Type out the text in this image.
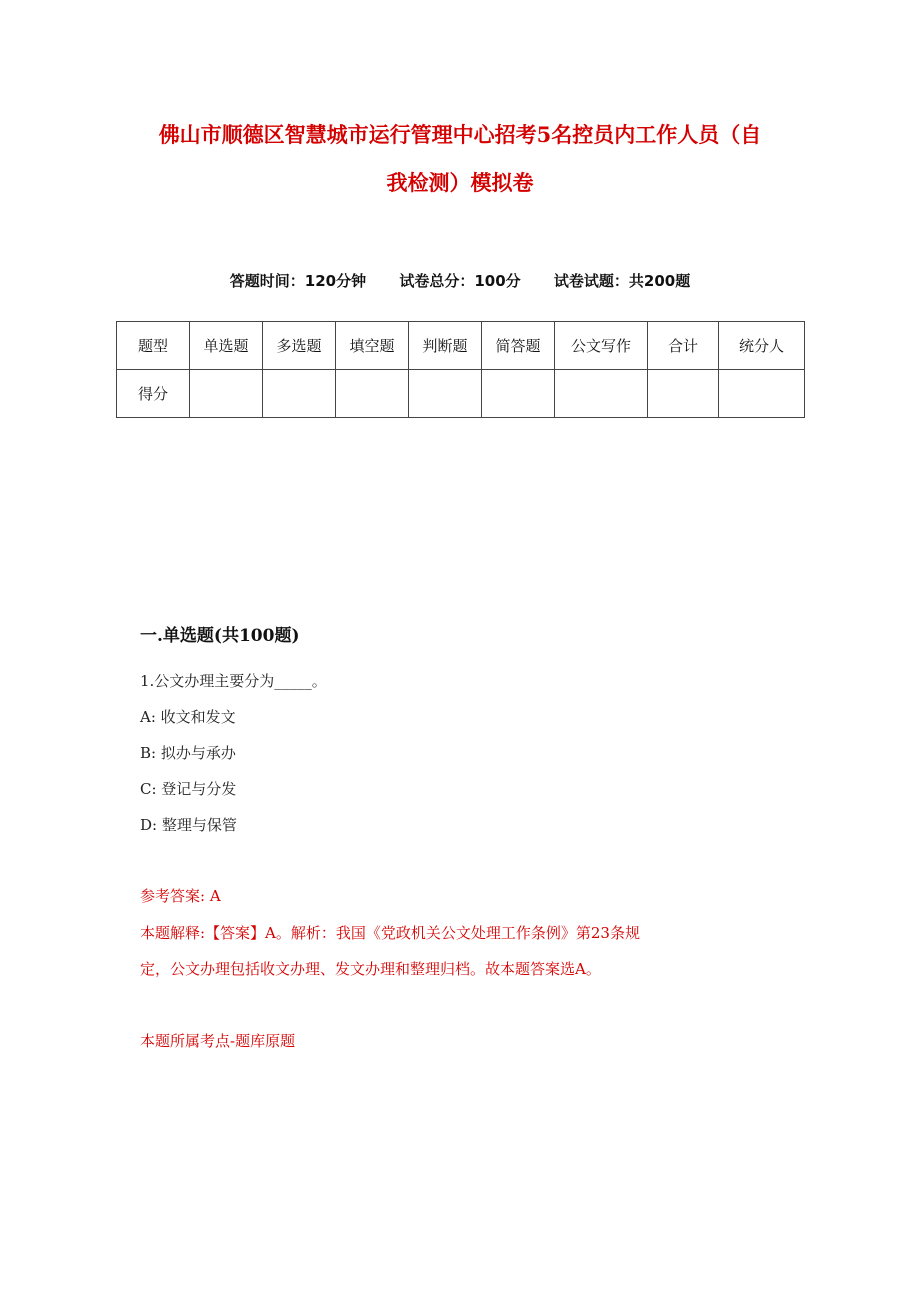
佛山市顺德区智慧城市运行管理中心招考5名控员内工作人员（自
我检测）模拟卷
答题时间：120分钟 试卷总分：100分 试卷试题：共200题
题型	单选题	多选题	填空题	判断题	简答题	公文写作	合计	统分人
得分								
一.单选题(共100题)
1.公文办理主要分为_____。
A: 收文和发文
B: 拟办与承办
C: 登记与分发
D: 整理与保管
参考答案: A
本题解释:【答案】A。解析：我国《党政机关公文处理工作条例》第23条规
定，公文办理包括收文办理、发文办理和整理归档。故本题答案选A。
本题所属考点-题库原题
